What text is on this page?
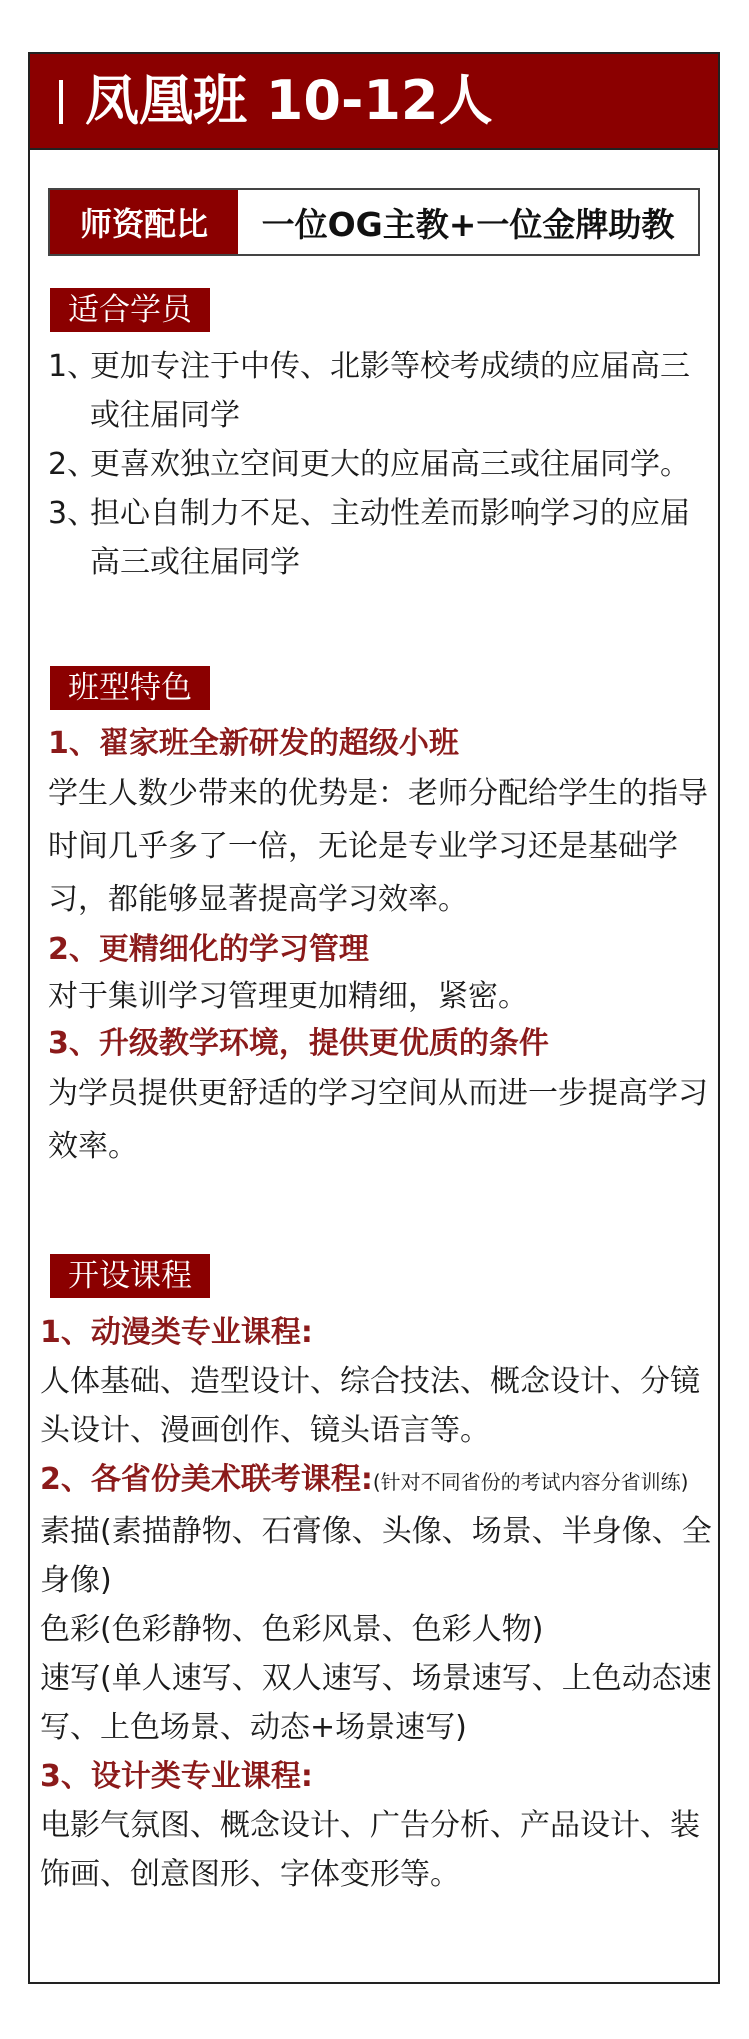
凤凰班 10-12人
师资配比	一位OG主教+一位金牌助教
适合学员
1、
更加专注于中传、北影等校考成绩的应届高三或往届同学
2、
更喜欢独立空间更大的应届高三或往届同学。
3、
担心自制力不足、主动性差而影响学习的应届高三或往届同学
班型特色
1、翟家班全新研发的超级小班

学生人数少带来的优势是：老师分配给学生的指导时间几乎多了一倍，无论是专业学习还是基础学习，都能够显著提高学习效率。

2、更精细化的学习管理

对于集训学习管理更加精细，紧密。

3、升级教学环境，提供更优质的条件

为学员提供更舒适的学习空间从而进一步提高学习效率。

开设课程
1、动漫类专业课程:

人体基础、造型设计、综合技法、概念设计、分镜头设计、漫画创作、镜头语言等。

2、各省份美术联考课程:(针对不同省份的考试内容分省训练)

素描(素描静物、石膏像、头像、场景、半身像、全身像)

色彩(色彩静物、色彩风景、色彩人物)

速写(单人速写、双人速写、场景速写、上色动态速写、上色场景、动态+场景速写)

3、设计类专业课程:

电影气氛图、概念设计、广告分析、产品设计、装饰画、创意图形、字体变形等。
